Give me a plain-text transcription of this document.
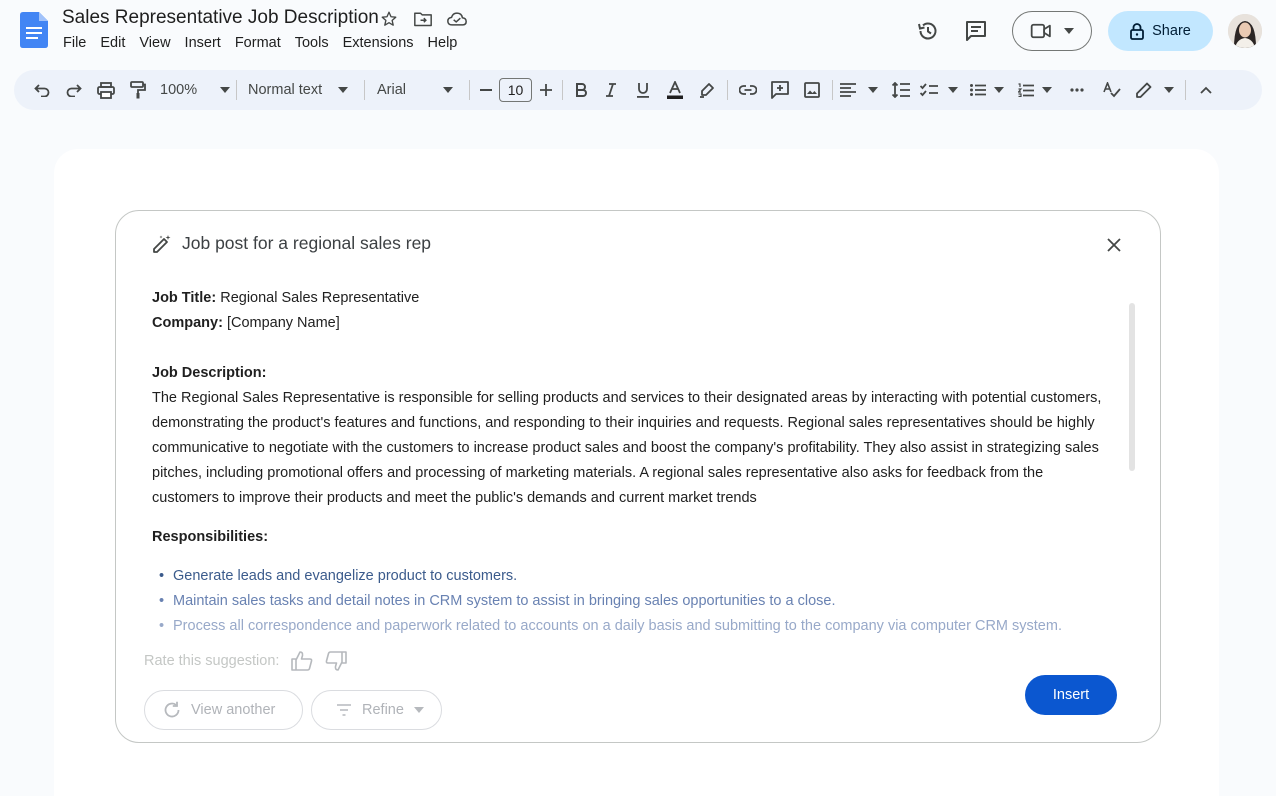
Sales Representative Job Description
File Edit View Insert Format Tools Extensions Help
Share
100%	Normal text	Arial	10
Job post for a regional sales rep
Job Title: Regional Sales Representative
Company: [Company Name]
Job Description:
The Regional Sales Representative is responsible for selling products and services to their designated areas by interacting with potential customers, demonstrating the product's features and functions, and responding to their inquiries and requests. Regional sales representatives should be highly communicative to negotiate with the customers to increase product sales and boost the company's profitability. They also assist in strategizing sales pitches, including promotional offers and processing of marketing materials. A regional sales representative also asks for feedback from the customers to improve their products and meet the public's demands and current market trends
Responsibilities:
• Generate leads and evangelize product to customers.
• Maintain sales tasks and detail notes in CRM system to assist in bringing sales opportunities to a close.
• Process all correspondence and paperwork related to accounts on a daily basis and submitting to the company via computer CRM system.
Rate this suggestion:
View another	Refine
Insert
